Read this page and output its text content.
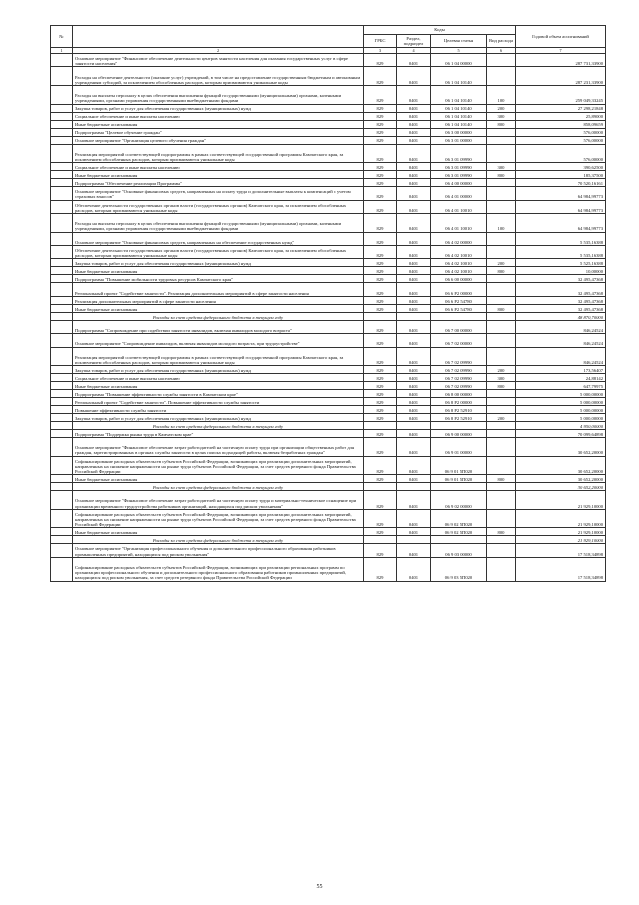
№		Коды				Годовой объем ассигнований
		ГРБС	Раздел, подраздел	Целевая статья	Вид расхода	
1	2	3	4	5	6	7
	Основное мероприятие "Финансовое обеспечение деятельности центров занятости населения для оказания государственных услуг в сфере занятости населения"	829	0401	06 1 04 00000		287 731,33900
	Расходы на обеспечение деятельности (оказание услуг) учреждений, в том числе на предоставление государственным бюджетным и автономным учреждениям субсидий, за исключением обособленных расходов, которым присваиваются уникальные коды	829	0401	06 1 04 10140		287 231,33900
	Расходы на выплаты персоналу в целях обеспечения выполнения функций государственными (муниципальными) органами, казенными учреждениями, органами управления государственными внебюджетными фондами	829	0401	06 1 04 10140	100	259 049,33245
	Закупка товаров, работ и услуг для обеспечения государственных (муниципальных) нужд	829	0401	06 1 04 10140	200	27 298,21848
	Социальное обеспечение и иные выплаты населению	829	0401	06 1 04 10140	300	25,89000
	Иные бюджетные ассигнования	829	0401	06 1 04 10140	800	858,09659
	Подпрограмма "Целевое обучение граждан"	829	0401	06 3 00 00000		576,00000
	Основное мероприятие "Организация целевого обучения граждан"	829	0401	06 3 01 00000		576,00000
	Реализация мероприятий соответствующей подпрограммы в рамках соответствующей государственной программы Камчатского края, за исключением обособленных расходов, которым присваиваются уникальные коды	829	0401	06 3 01 09990		576,00000
	Социальное обеспечение и иные выплаты населению	829	0401	06 3 01 09990	300	390,62500
	Иные бюджетные ассигнования	829	0401	06 3 01 09990	800	185,37500
	Подпрограмма "Обеспечение реализации Программы"	829	0401	06 4 00 00000		70 520,16161
	Основное мероприятие "Основные финансовых средств, направленных на оплату труда и дополнительные выплаты к компенсаций с учетом страховых взносов"	829	0401	06 4 01 00000		64 984,99773
	Обеспечение деятельности государственных органов власти (государственных органов) Камчатского края, за исключением обособленных расходов, которым присваиваются уникальные коды	829	0401	06 4 01 10010		64 984,99773
	Расходы на выплаты персоналу в целях обеспечения выполнения функций государственными (муниципальными) органами, казенными учреждениями, органами управления государственными внебюджетными фондами	829	0401	06 4 01 10010	100	64 984,99773
	Основное мероприятие "Основные финансовых средств, направленных на обеспечение государственных нужд"	829	0401	06 4 02 00000		5 535,16388
	Обеспечение деятельности государственных органов власти (государственных органов) Камчатского края, за исключением обособленных расходов, которым присваиваются уникальные коды	829	0401	06 4 02 10010		5 535,16388
	Закупка товаров, работ и услуг для обеспечения государственных (муниципальных) нужд	829	0401	06 4 02 10010	200	5 525,16388
	Иные бюджетные ассигнования	829	0401	06 4 02 10010	800	10,00000
	Подпрограмма "Повышение мобильности трудовых ресурсов Камчатского края"	829	0401	06 6 00 00000		32 495,47368
	Региональный проект "Содействие занятости". Реализация дополнительных мероприятий в сфере занятости населения	829	0401	06 6 P2 00000		32 495,47368
	Реализация дополнительных мероприятий в сфере занятости населения	829	0401	06 6 P2 54780		32 495,47368
	Иные бюджетные ассигнования	829	0401	06 6 P2 54780	800	32 495,47368
	Расходы за счет средств федерального бюджета в текущем году					48 870,70000
	Подпрограмма "Сопровождение при содействии занятости инвалидов, включая инвалидов молодого возраста"	829	0401	06 7 00 00000		846,24524
	Основное мероприятие "Сопровождение инвалидов, включая инвалидов молодого возраста, при трудоустройстве"	829	0401	06 7 02 00000		846,24524
	Реализация мероприятий соответствующей подпрограммы в рамках соответствующей государственной программы Камчатского края, за исключением обособленных расходов, которым присваиваются уникальные коды	829	0401	06 7 02 09990		846,24524
	Закупка товаров, работ и услуг для обеспечения государственных (муниципальных) нужд	829	0401	06 7 02 09990	200	173,56407
	Социальное обеспечение и иные выплаты населению	829	0401	06 7 02 09990	300	24,88142
	Иные бюджетные ассигнования	829	0401	06 7 02 09990	800	647,79975
	Подпрограмма "Повышение эффективности службы занятости в Камчатском крае"	829	0401	06 8 00 00000		5 000,00000
	Региональный проект "Содействие занятости". Повышение эффективности службы занятости	829	0401	06 8 P2 00000		5 000,00000
	Повышение эффективности службы занятости	829	0401	06 8 P2 52910		5 000,00000
	Закупка товаров, работ и услуг для обеспечения государственных (муниципальных) нужд	829	0401	06 8 P2 52910	200	5 000,00000
	Расходы за счет средств федерального бюджета в текущем году					4 950,00000
	Подпрограмма "Поддержка рынка труда в Камчатском крае"	829	0401	06 9 00 00000		70 099,64898
	Основное мероприятие "Финансовое обеспечение затрат работодателей на частичную оплату труда при организации общественных работ для граждан, зарегистрированных в органах службы занятости в целях поиска подходящей работы, включая безработных граждан"	829	0401	06 9 01 00000		30 652,20000
	Софинансирование расходных обязательств субъектов Российской Федерации, возникающих при реализации дополнительных мероприятий, направленных на снижение напряженности на рынке труда субъектов Российской Федерации, за счет средств резервного фонда Правительства Российской Федерации	829	0401	06 9 01 5П020		30 652,20000
	Иные бюджетные ассигнования	829	0401	06 9 01 5П020	800	30 652,20000
	Расходы за счет средств федерального бюджета в текущем году					30 652,20000
	Основное мероприятие "Финансовое обеспечение затрат работодателей на частичную оплату труда и материально-техническое оснащение при организации временного трудоустройства работников организаций, находящихся под риском увольнения"	829	0401	06 9 02 00000		21 929,10000
	Софинансирование расходных обязательств субъектов Российской Федерации, возникающих при реализации дополнительных мероприятий, направленных на снижение напряженности на рынке труда субъектов Российской Федерации, за счет средств резервного фонда Правительства Российской Федерации	829	0401	06 9 02 5П020		21 929,10000
	Иные бюджетные ассигнования	829	0401	06 9 02 5П020	800	21 929,10000
	Расходы за счет средств федерального бюджета в текущем году					21 929,10000
	Основное мероприятие "Организация профессионального обучения и дополнительного профессионального образования работников промышленных предприятий, находящихся под риском увольнения"	829	0401	06 9 03 00000		17 518,34898
	Софинансирование расходных обязательств субъектов Российской Федерации, возникающих при реализации региональных программ по организации профессионального обучения и дополнительного профессионального образования работников промышленных предприятий, находящихся под риском увольнения, за счет средств резервного фонда Правительства Российской Федерации	829	0401	06 9 03 5П020		17 518,34898
55
